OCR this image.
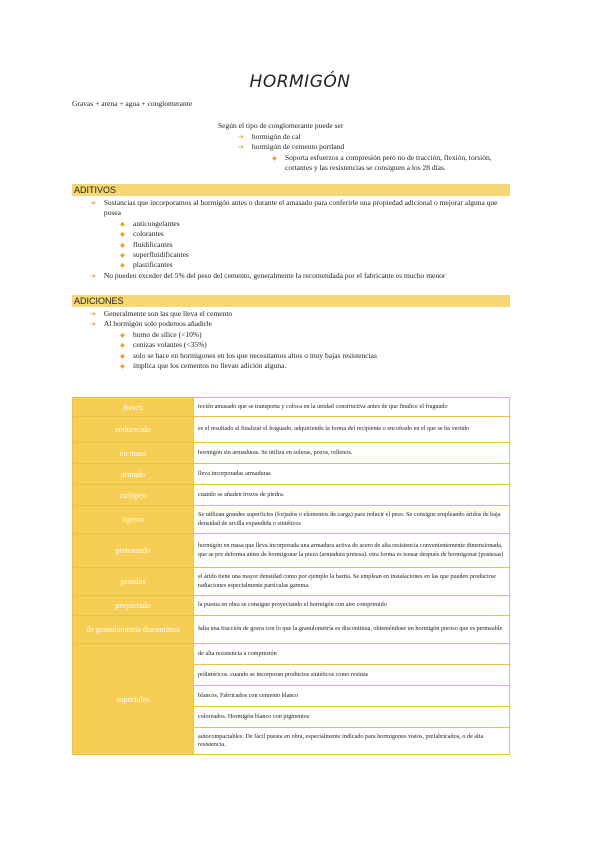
HORMIGÓN
Gravas + arena + agua + conglomerante
Según el tipo de conglomerante puede ser
➔ hormigón de cal
➔ hormigón de cemento portland
◆ Soporta esfuerzos a compresión pero no de tracción, flexión, torsión, cortantes y las resistencias se consiguen a los 28 días.
ADITIVOS
➔ Sustancias que incorporamos al hormigón antes o durante el amasado para conferirle una propiedad adicional o mejorar alguna que posea
◆ anticongelantes
◆ colorantes
◆ fluidificantes
◆ superfluidificantes
◆ plastificantes
➔ No pueden exceder del 5% del peso del cemento, generalmente la recomendada por el fabricante es mucho menor
ADICIONES
➔ Generalmente son las que lleva el cemento
➔ Al hormigón solo podemos añadirle
◆ humo de sílice (<10%)
◆ cenizas volantes (<35%)
◆ solo se hace en hormigones en los que necesitamos altos o muy bajas resistencias
◆ implica que los cementos no llevan adición alguna.
fresco	recién amasado que se transporta y coloca en la unidad constructiva antes de que finalice el fraguado
endurecido	es el resultado al finalizar el fraguado, adquiriendo la forma del recipiente o encofrado en el que se ha vertido
en masa	hormigón sin armaduras. Se utiliza en soleras, pozos, rellenos.
armado	lleva incorporadas armaduras
ciclópeo	cuando se añaden trozos de piedra.
ligeros	Se utilizan grandes superficies (forjados o elementos de carga) para reducir el peso. Se consigue empleando áridos de baja densidad de arcilla expandida o sintéticos
pretensado	hormigón en masa que lleva incorporada una armadura activa de acero de alta resistencia convenientemente dimensionada, que se pre deforma antes de hormigonar la pieza (armadura pretesa). otra forma es tensar después de hormigonar (postesas)
pesados	el árido tiene una mayor densidad como por ejemplo la barita. Se emplean en instalaciones en las que pueden producirse radiaciones especialmente partículas gamma.
proyectado	la puesta en obra se consigue proyectando el hormigón con aire comprimido
de granulometría discontinua	falta una fracción de grava con lo que la granulometría es discontinua, obteniéndose un hormigón poroso que es permeable
especiales	de alta resistencia a compresión
	poliméricos. cuando se incorporan productos sintéticos como resinas
	blancos. Fabricados con cemento blanco
	coloreados. Hormigón blanco con pigmentos
	autocompactables. De fácil puesta en obra, especialmente indicado para hormigones vistos, prefabricados, o de alta resistencia.
